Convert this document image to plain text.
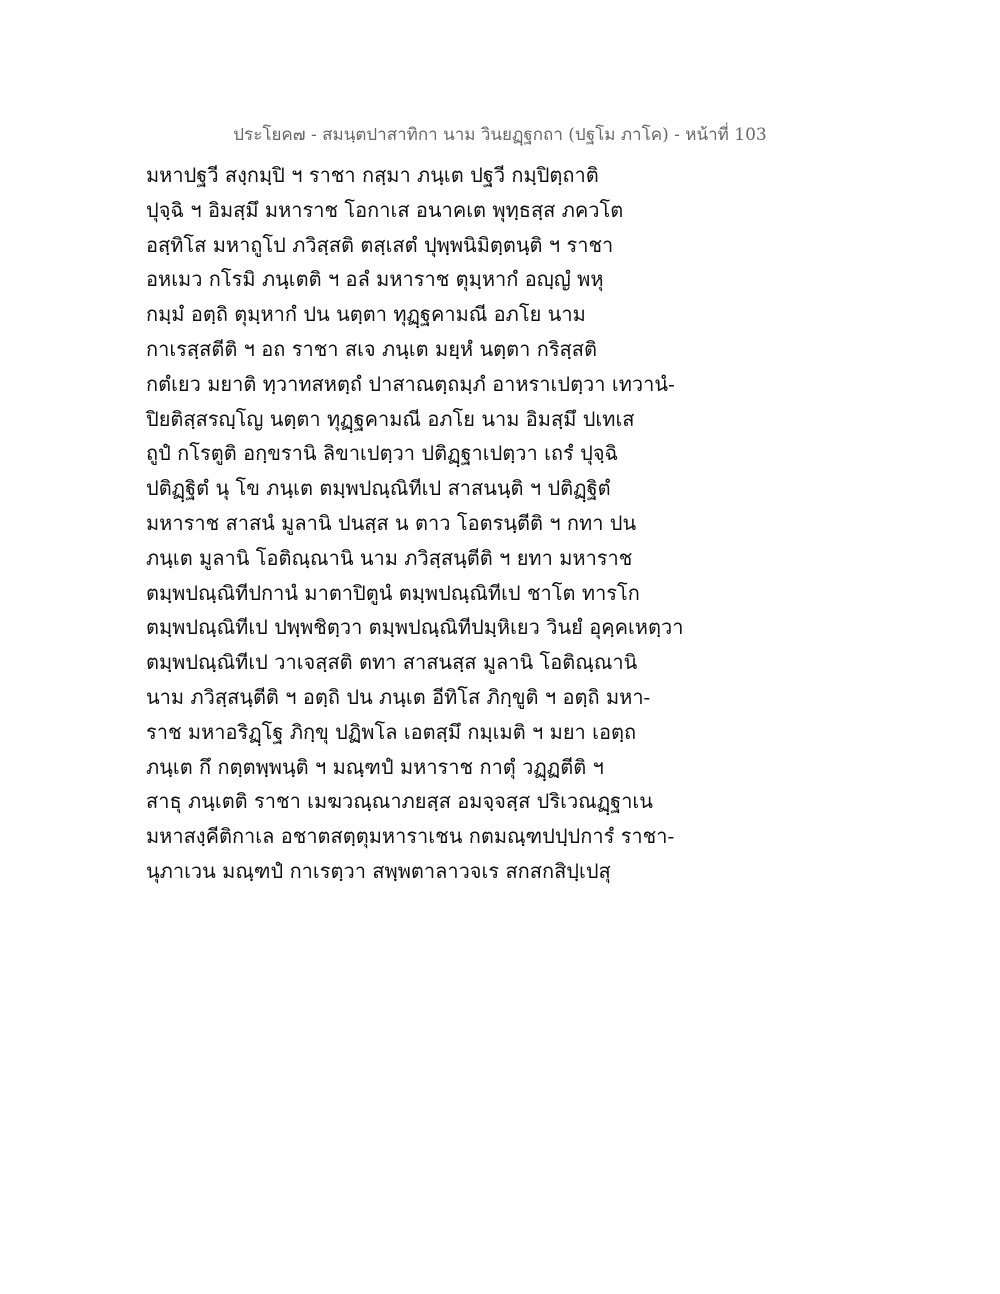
ประโยค๗ - สมนฺตปาสาทิกา นาม วินยฏฺฐกถา (ปฐโม ภาโค) - หน้าที่ 103
มหาปฐวี สงฺกมฺปิ ฯ ราชา กสฺมา ภนฺเต ปฐวี กมฺปิตฺถาติ
ปุจฺฉิ ฯ อิมสฺมึ มหาราช โอกาเส อนาคเต พุทฺธสฺส ภควโต
อสฺทิโส มหาถูโป ภวิสฺสติ ตสฺเสตํ ปุพฺพนิมิตฺตนฺติ ฯ ราชา
อหเมว กโรมิ ภนฺเตติ ฯ อลํ มหาราช ตุมฺหากํ อญฺญํ พหุ
กมฺมํ อตฺถิ ตุมฺหากํ ปน นตฺตา ทุฏฺฐคามณี อภโย นาม
กาเรสฺสตีติ ฯ อถ ราชา สเจ ภนฺเต มยฺหํ นตฺตา กริสฺสติ
กตํเยว มยาติ ทฺวาทสหตฺถํ ปาสาณตฺถมฺภํ อาหราเปตฺวา เทวานํ-
ปิยติสฺสรญฺโญ นตฺตา ทุฏฺฐคามณี อภโย นาม อิมสฺมึ ปเทเส
ถูปํ กโรตูติ อกฺขรานิ ลิขาเปตฺวา ปติฏฺฐาเปตฺวา เถรํ ปุจฺฉิ
ปติฏฺฐิตํ นุ โข ภนฺเต ตมฺพปณฺณิทีเป สาสนนฺติ ฯ ปติฏฺฐิตํ
มหาราช สาสนํ มูลานิ ปนสฺส น ตาว โอตรนฺตีติ ฯ กทา ปน
ภนฺเต มูลานิ โอติณฺณานิ นาม ภวิสฺสนฺตีติ ฯ ยทา มหาราช
ตมฺพปณฺณิทีปกานํ มาตาปิตูนํ ตมฺพปณฺณิทีเป ชาโต ทารโก
ตมฺพปณฺณิทีเป ปพฺพชิตฺวา ตมฺพปณฺณิทีปมฺหิเยว วินยํ อุคฺคเหตฺวา
ตมฺพปณฺณิทีเป วาเจสฺสติ ตทา สาสนสฺส มูลานิ โอติณฺณานิ
นาม ภวิสฺสนฺตีติ ฯ อตฺถิ ปน ภนฺเต อีทิโส ภิกฺขูติ ฯ อตฺถิ มหา-
ราช มหาอริฏฺโฐ ภิกฺขุ ปฏิพโล เอตสฺมึ กมฺเมติ ฯ มยา เอตฺถ
ภนฺเต กึ กตฺตพฺพนฺติ ฯ มณฺฑปํ มหาราช กาตุํ วฏฺฏตีติ ฯ
สาธุ ภนฺเตติ ราชา เมฆวณฺณาภยสฺส อมจฺจสฺส ปริเวณฏฺฐาเน
มหาสงฺคีติกาเล อชาตสตฺตุมหาราเชน กตมณฺฑปปฺปการํ ราชา-
นุภาเวน มณฺฑปํ กาเรตฺวา สพฺพตาลาวจเร สกสกสิปฺเปสุ
